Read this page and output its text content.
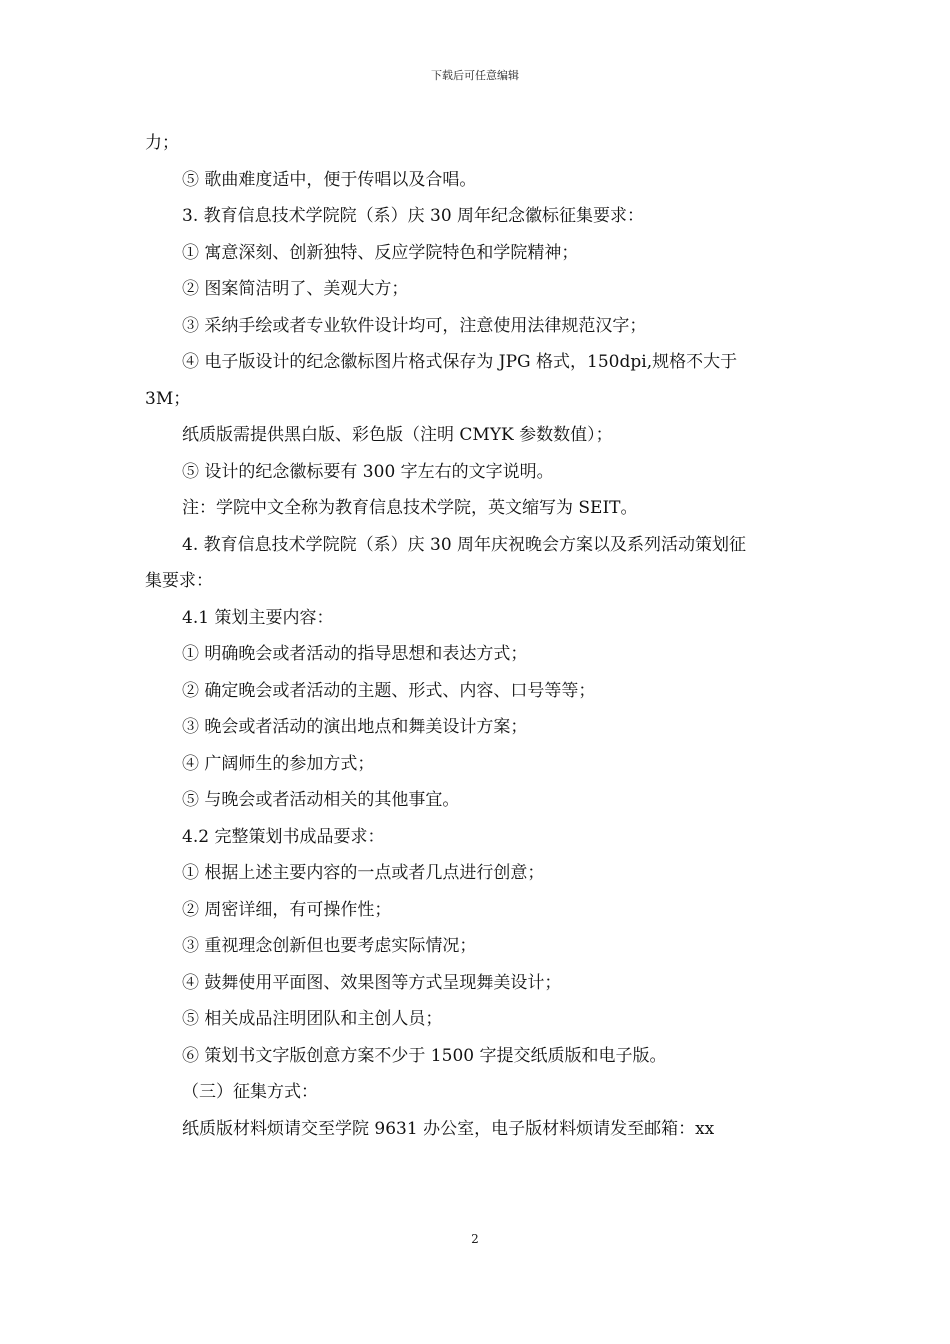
下载后可任意编辑
力；
⑤ 歌曲难度适中，便于传唱以及合唱。
3. 教育信息技术学院院（系）庆 30 周年纪念徽标征集要求：
① 寓意深刻、创新独特、反应学院特色和学院精神；
② 图案简洁明了、美观大方；
③ 采纳手绘或者专业软件设计均可，注意使用法律规范汉字；
④ 电子版设计的纪念徽标图片格式保存为 JPG 格式，150dpi,规格不大于
3M；
纸质版需提供黑白版、彩色版（注明 CMYK 参数数值）；
⑤ 设计的纪念徽标要有 300 字左右的文字说明。
注：学院中文全称为教育信息技术学院，英文缩写为 SEIT。
4. 教育信息技术学院院（系）庆 30 周年庆祝晚会方案以及系列活动策划征
集要求：
4.1 策划主要内容：
① 明确晚会或者活动的指导思想和表达方式；
② 确定晚会或者活动的主题、形式、内容、口号等等；
③ 晚会或者活动的演出地点和舞美设计方案；
④ 广阔师生的参加方式；
⑤ 与晚会或者活动相关的其他事宜。
4.2 完整策划书成品要求：
① 根据上述主要内容的一点或者几点进行创意；
② 周密详细，有可操作性；
③ 重视理念创新但也要考虑实际情况；
④ 鼓舞使用平面图、效果图等方式呈现舞美设计；
⑤ 相关成品注明团队和主创人员；
⑥ 策划书文字版创意方案不少于 1500 字提交纸质版和电子版。
（三）征集方式：
纸质版材料烦请交至学院 9631 办公室，电子版材料烦请发至邮箱：xx
2
